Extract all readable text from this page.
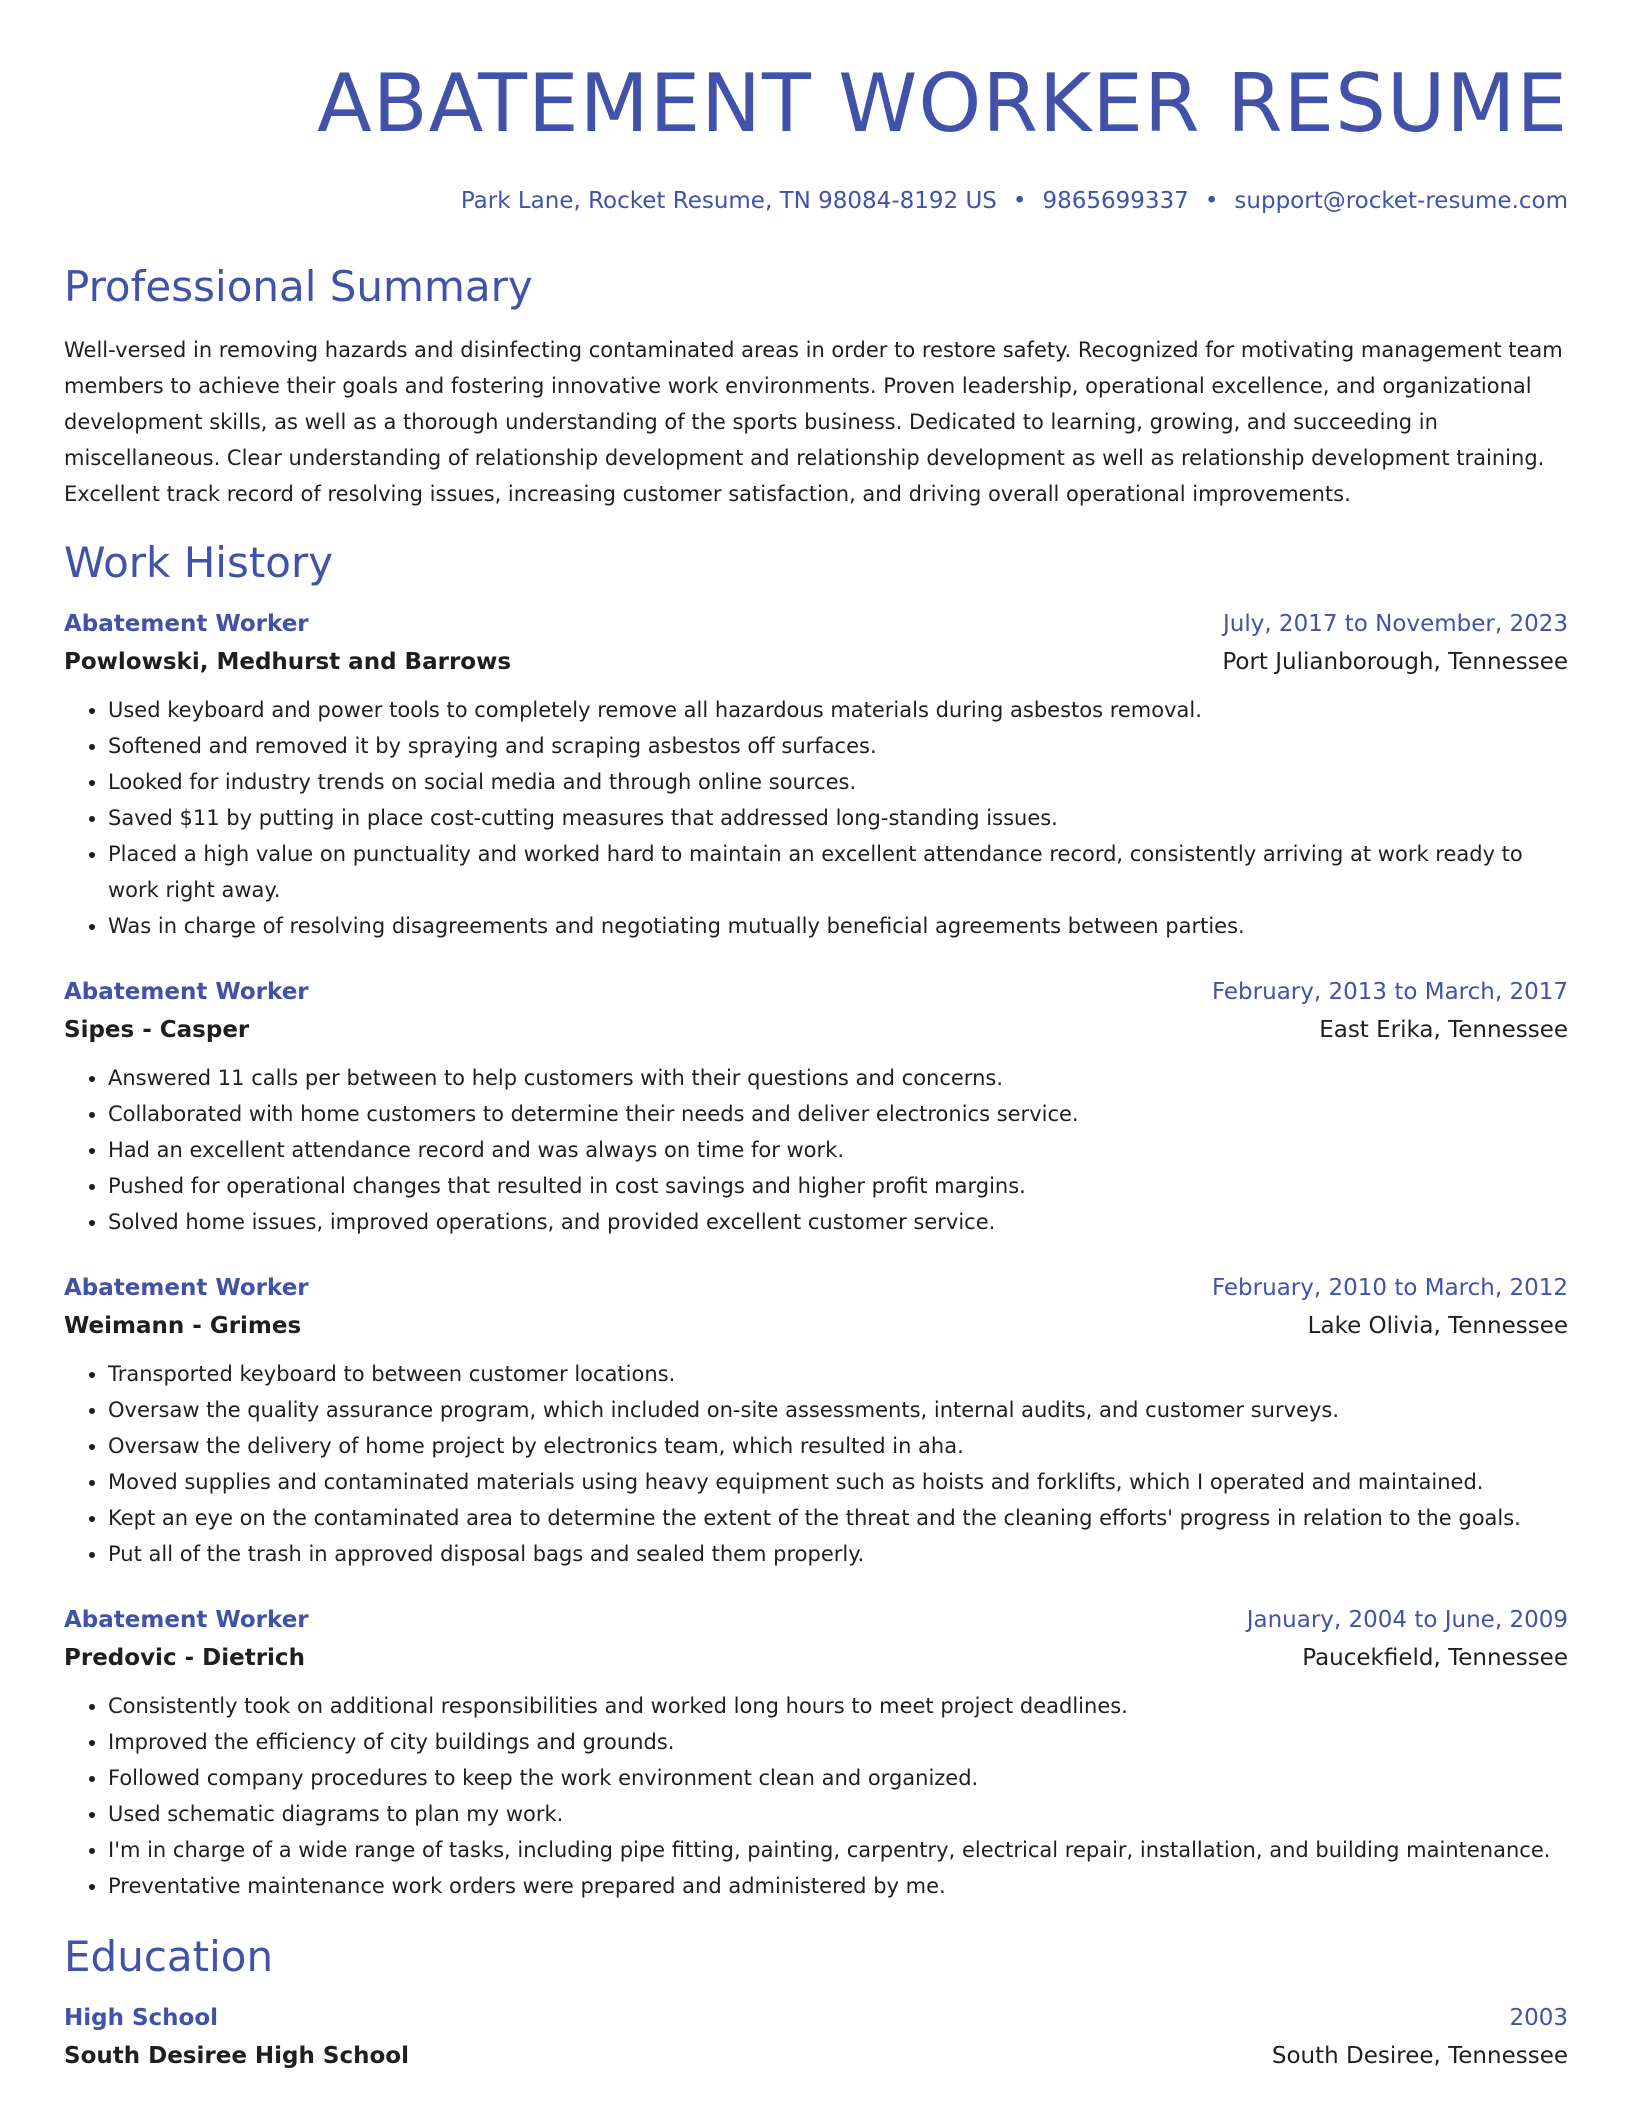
ABATEMENT WORKER RESUME
Park Lane, Rocket Resume, TN 98084-8192 US • 9865699337 • support@rocket-resume.com
Professional Summary

Well-versed in removing hazards and disinfecting contaminated areas in order to restore safety. Recognized for motivating management team members to achieve their goals and fostering innovative work environments. Proven leadership, operational excellence, and organizational development skills, as well as a thorough understanding of the sports business. Dedicated to learning, growing, and succeeding in miscellaneous. Clear understanding of relationship development and relationship development as well as relationship development training. Excellent track record of resolving issues, increasing customer satisfaction, and driving overall operational improvements.

Work History
Abatement Worker	July, 2017 to November, 2023
Powlowski, Medhurst and Barrows	Port Julianborough, Tennessee
• Used keyboard and power tools to completely remove all hazardous materials during asbestos removal.
• Softened and removed it by spraying and scraping asbestos off surfaces.
• Looked for industry trends on social media and through online sources.
• Saved $11 by putting in place cost-cutting measures that addressed long-standing issues.
• Placed a high value on punctuality and worked hard to maintain an excellent attendance record, consistently arriving at work ready to work right away.
• Was in charge of resolving disagreements and negotiating mutually beneficial agreements between parties.
Abatement Worker	February, 2013 to March, 2017
Sipes - Casper	East Erika, Tennessee
• Answered 11 calls per between to help customers with their questions and concerns.
• Collaborated with home customers to determine their needs and deliver electronics service.
• Had an excellent attendance record and was always on time for work.
• Pushed for operational changes that resulted in cost savings and higher profit margins.
• Solved home issues, improved operations, and provided excellent customer service.
Abatement Worker	February, 2010 to March, 2012
Weimann - Grimes	Lake Olivia, Tennessee
• Transported keyboard to between customer locations.
• Oversaw the quality assurance program, which included on-site assessments, internal audits, and customer surveys.
• Oversaw the delivery of home project by electronics team, which resulted in aha.
• Moved supplies and contaminated materials using heavy equipment such as hoists and forklifts, which I operated and maintained.
• Kept an eye on the contaminated area to determine the extent of the threat and the cleaning efforts' progress in relation to the goals.
• Put all of the trash in approved disposal bags and sealed them properly.
Abatement Worker	January, 2004 to June, 2009
Predovic - Dietrich	Paucekfield, Tennessee
• Consistently took on additional responsibilities and worked long hours to meet project deadlines.
• Improved the efficiency of city buildings and grounds.
• Followed company procedures to keep the work environment clean and organized.
• Used schematic diagrams to plan my work.
• I'm in charge of a wide range of tasks, including pipe fitting, painting, carpentry, electrical repair, installation, and building maintenance.
• Preventative maintenance work orders were prepared and administered by me.
Education
High School	2003
South Desiree High School	South Desiree, Tennessee
